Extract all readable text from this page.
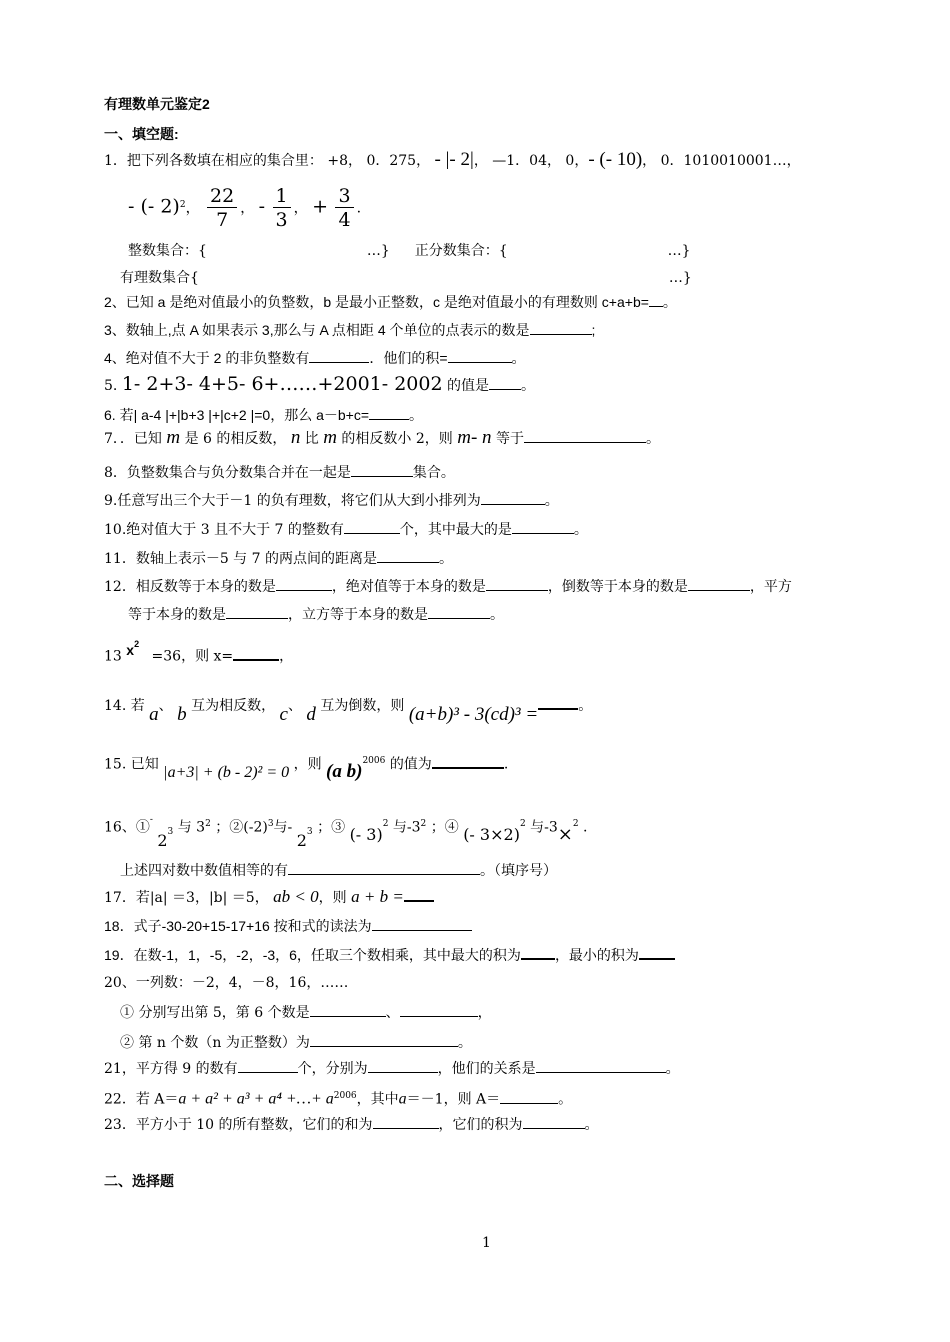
有理数单元鉴定2
一、填空题:
1．把下列各数填在相应的集合里： +8， 0．275， - |- 2|， —1．04， 0，- (- 10)， 0．1010010001…，
- (- 2)$^2$， $\frac{22}{7}$ ， - $\frac{1}{3}$ ， + $\frac{3}{4}$ .
整数集合：{	…} 正分数集合：{	…}
有理数集合{	…}
2、已知 a 是绝对值最小的负整数，b 是最小正整数，c 是绝对值最小的有理数则 c+a+b= 。
3、数轴上,点 A 如果表示 3,那么与 A 点相距 4 个单位的点表示的数是	;
4、绝对值不大于 2 的非负整数有	．他们的积=	。
5. 1- 2+3- 4+5- 6+……+2001- 2002 的值是 。
6. 若| a-4 |+|b+3 |+|c+2 |=0，那么 a－b+c=	。
7．．已知 m 是 6 的相反数， n 比 m 的相反数小 2，则 m- n 等于	。
8．负整数集合与负分数集合并在一起是	集合。
9.任意写出三个大于－1 的负有理数，将它们从大到小排列为	。
10.绝对值大于 3 且不大于 7 的整数有	个，其中最大的是	。
11．数轴上表示－5 与 7 的两点间的距离是	。
12．相反数等于本身的数是	，绝对值等于本身的数是	，倒数等于本身的数是	，平方
等于本身的数是	，立方等于本身的数是	。
13 $x^2 =36$，则 x=	，
14. 若 a、 b 互为相反数， c、 d 互为倒数，则 (a+b)³ - 3(cd)³ =	。
15. 已知 |a+3| + (b - 2)² = 0 ，则 (a b)$^{2006}$ 的值为	.
16、①- $2^3$ 与 $3^2$ ；$②(-2)^3$与- $2^3$ ；③ (- 3)$^2$ 与$-3^2$ ；④ (- 3×2)$^2$ 与-3×$^2$ .
上述四对数中数值相等的有	。（填序号）
17．若|a| ＝3，|b| ＝5， ab < 0，则 a + b =
18．式子-30-20+15-17+16 按和式的读法为
19．在数-1，1，-5，-2，-3，6，任取三个数相乘，其中最大的积为 ，最小的积为
20、一列数：－2，4，－8，16，……
① 分别写出第 5，第 6 个数是	、	，
② 第 n 个数（n 为正整数）为	。
21，平方得 9 的数有	个，分别为	，他们的关系是	。
22．若 A＝a + a² + a³ + a⁴ +…+ $a^{2006}$，其中a＝－1，则 A＝	。
23．平方小于 10 的所有整数，它们的和为	，它们的积为	。
二、选择题
1
